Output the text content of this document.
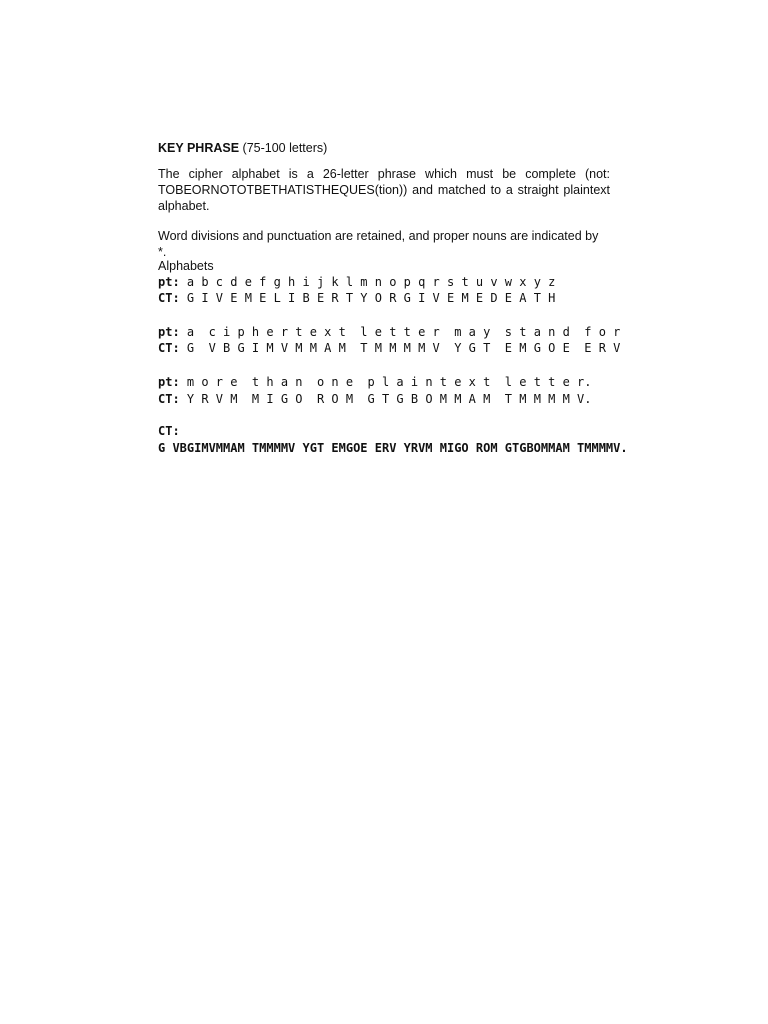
KEY PHRASE (75-100 letters)
The cipher alphabet is a 26-letter phrase which must be complete (not: TOBEORNOTOTBETHATISTHEQUES(tion)) and matched to a straight plaintext alphabet.
Word divisions and punctuation are retained, and proper nouns are indicated by *.
Alphabets
pt: a b c d e f g h i j k l m n o p q r s t u v w x y z
CT: G I V E M E L I B E R T Y O R G I V E M E D E A T H
pt: a  c i p h e r t e x t  l e t t e r  m a y  s t a n d  f o r
CT: G  V B G I M V M M A M  T M M M M V  Y G T  E M G O E  E R V
pt: m o r e  t h a n  o n e  p l a i n t e x t  l e t t e r.
CT: Y R V M  M I G O  R O M  G T G B O M M A M  T M M M M V.
CT:
G VBGIMVMMAM TMMMMV YGT EMGOE ERV YRVM MIGO ROM GTGBOMMAM TMMMMV.
